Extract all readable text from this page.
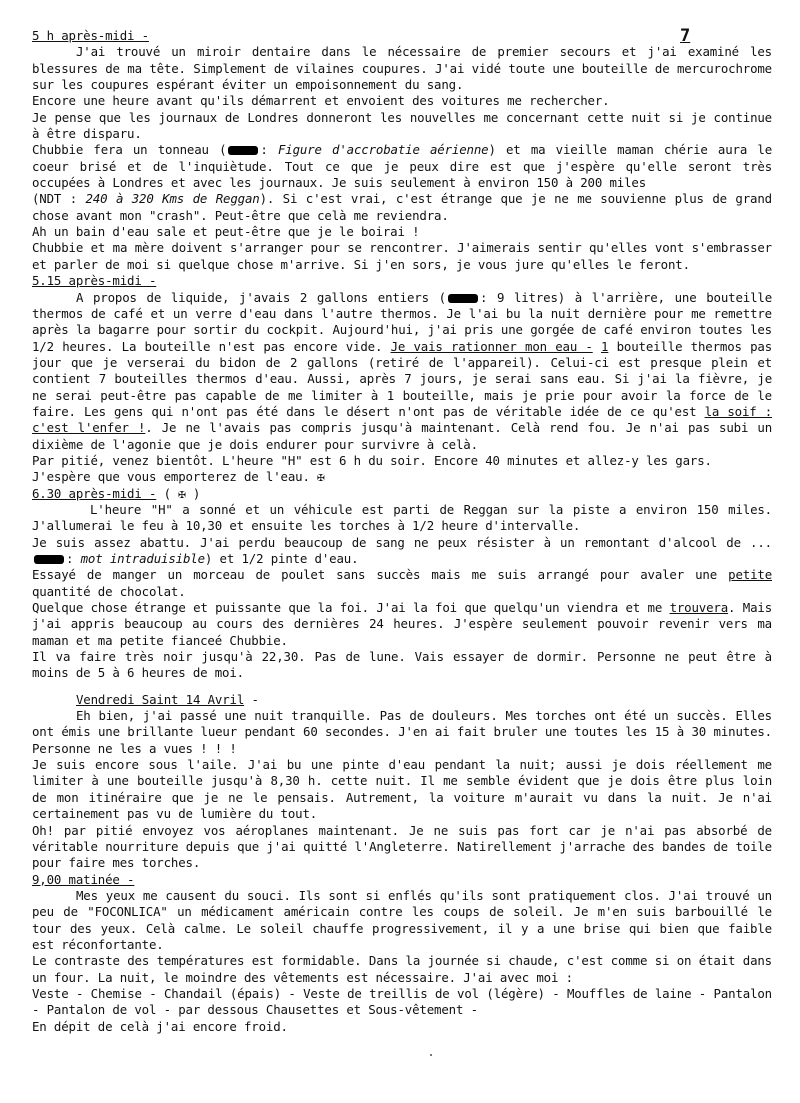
7

5 h après-midi -

J'ai trouvé un miroir dentaire dans le nécessaire de premier secours et j'ai examiné les blessures de ma tête. Simplement de vilaines coupures. J'ai vidé toute une bouteille de mercurochrome sur les coupures espérant éviter un empoisonnement du sang.

Encore une heure avant qu'ils démarrent et envoient des voitures me rechercher.

Je pense que les journaux de Londres donneront les nouvelles me concernant cette nuit si je continue à être disparu.

Chubbie fera un tonneau (	: Figure d'accrobatie aérienne) et ma vieille maman chérie aura le coeur brisé et de l'inquiètude. Tout ce que je peux dire est que j'espère qu'elle seront très occupées à Londres et avec les journaux. Je suis seulement à environ 150 à 200 miles

(NDT : 240 à 320 Kms de Reggan). Si c'est vrai, c'est étrange que je ne me souvienne plus de grand chose avant mon "crash". Peut-être que celà me reviendra.

Ah un bain d'eau sale et peut-être que je le boirai !

Chubbie et ma mère doivent s'arranger pour se rencontrer. J'aimerais sentir qu'elles vont s'embrasser et parler de moi si quelque chose m'arrive. Si j'en sors, je vous jure qu'elles le feront.

5.15 après-midi -

A propos de liquide, j'avais 2 gallons entiers (	: 9 litres) à l'arrière, une bouteille thermos de café et un verre d'eau dans l'autre thermos. Je l'ai bu la nuit dernière pour me remettre après la bagarre pour sortir du cockpit. Aujourd'hui, j'ai pris une gorgée de café environ toutes les 1/2 heures. La bouteille n'est pas encore vide. Je vais rationner mon eau - 1 bouteille thermos pas jour que je verserai du bidon de 2 gallons (retiré de l'appareil). Celui-ci est presque plein et contient 7 bouteilles thermos d'eau. Aussi, après 7 jours, je serai sans eau. Si j'ai la fièvre, je ne serai peut-être pas capable de me limiter à 1 bouteille, mais je prie pour avoir la force de le faire. Les gens qui n'ont pas été dans le désert n'ont pas de véritable idée de ce qu'est la soif : c'est l'enfer !. Je ne l'avais pas compris jusqu'à maintenant. Celà rend fou. Je n'ai pas subi un dixième de l'agonie que je dois endurer pour survivre à celà.

Par pitié, venez bientôt. L'heure "H" est 6 h du soir. Encore 40 minutes et allez-y les gars.

J'espère que vous emporterez de l'eau. ✠

6.30 après-midi - ( ✠ )

L'heure "H" a sonné et un véhicule est parti de Reggan sur la piste a environ 150 miles. J'allumerai le feu à 10,30 et ensuite les torches à 1/2 heure d'intervalle.

Je suis assez abattu. J'ai perdu beaucoup de sang ne peux résister à un remontant d'alcool de ... : mot intraduisible) et 1/2 pinte d'eau.

Essayé de manger un morceau de poulet sans succès mais me suis arrangé pour avaler une petite quantité de chocolat.

Quelque chose étrange et puissante que la foi. J'ai la foi que quelqu'un viendra et me trouvera. Mais j'ai appris beaucoup au cours des dernières 24 heures. J'espère seulement pouvoir revenir vers ma maman et ma petite fianceé Chubbie.

Il va faire très noir jusqu'à 22,30. Pas de lune. Vais essayer de dormir. Personne ne peut être à moins de 5 à 6 heures de moi.

Vendredi Saint 14 Avril -

Eh bien, j'ai passé une nuit tranquille. Pas de douleurs. Mes torches ont été un succès. Elles ont émis une brillante lueur pendant 60 secondes. J'en ai fait bruler une toutes les 15 à 30 minutes. Personne ne les a vues ! ! !

Je suis encore sous l'aile. J'ai bu une pinte d'eau pendant la nuit; aussi je dois réellement me limiter à une bouteille jusqu'à 8,30 h. cette nuit. Il me semble évident que je dois être plus loin de mon itinéraire que je ne le pensais. Autrement, la voiture m'aurait vu dans la nuit. Je n'ai certainement pas vu de lumière du tout.

Oh! par pitié envoyez vos aéroplanes maintenant. Je ne suis pas fort car je n'ai pas absorbé de véritable nourriture depuis que j'ai quitté l'Angleterre. Natirellement j'arrache des bandes de toile pour faire mes torches.

9,00 matinée -

Mes yeux me causent du souci. Ils sont si enflés qu'ils sont pratiquement clos. J'ai trouvé un peu de "FOCONLICA" un médicament américain contre les coups de soleil. Je m'en suis barbouillé le tour des yeux. Celà calme. Le soleil chauffe progressivement, il y a une brise qui bien que faible est réconfortante.

Le contraste des températures est formidable. Dans la journée si chaude, c'est comme si on était dans un four. La nuit, le moindre des vêtements est nécessaire. J'ai avec moi :

Veste - Chemise - Chandail (épais) - Veste de treillis de vol (légère) - Mouffles de laine - Pantalon - Pantalon de vol - par dessous Chausettes et Sous-vêtement -

En dépit de celà j'ai encore froid.
